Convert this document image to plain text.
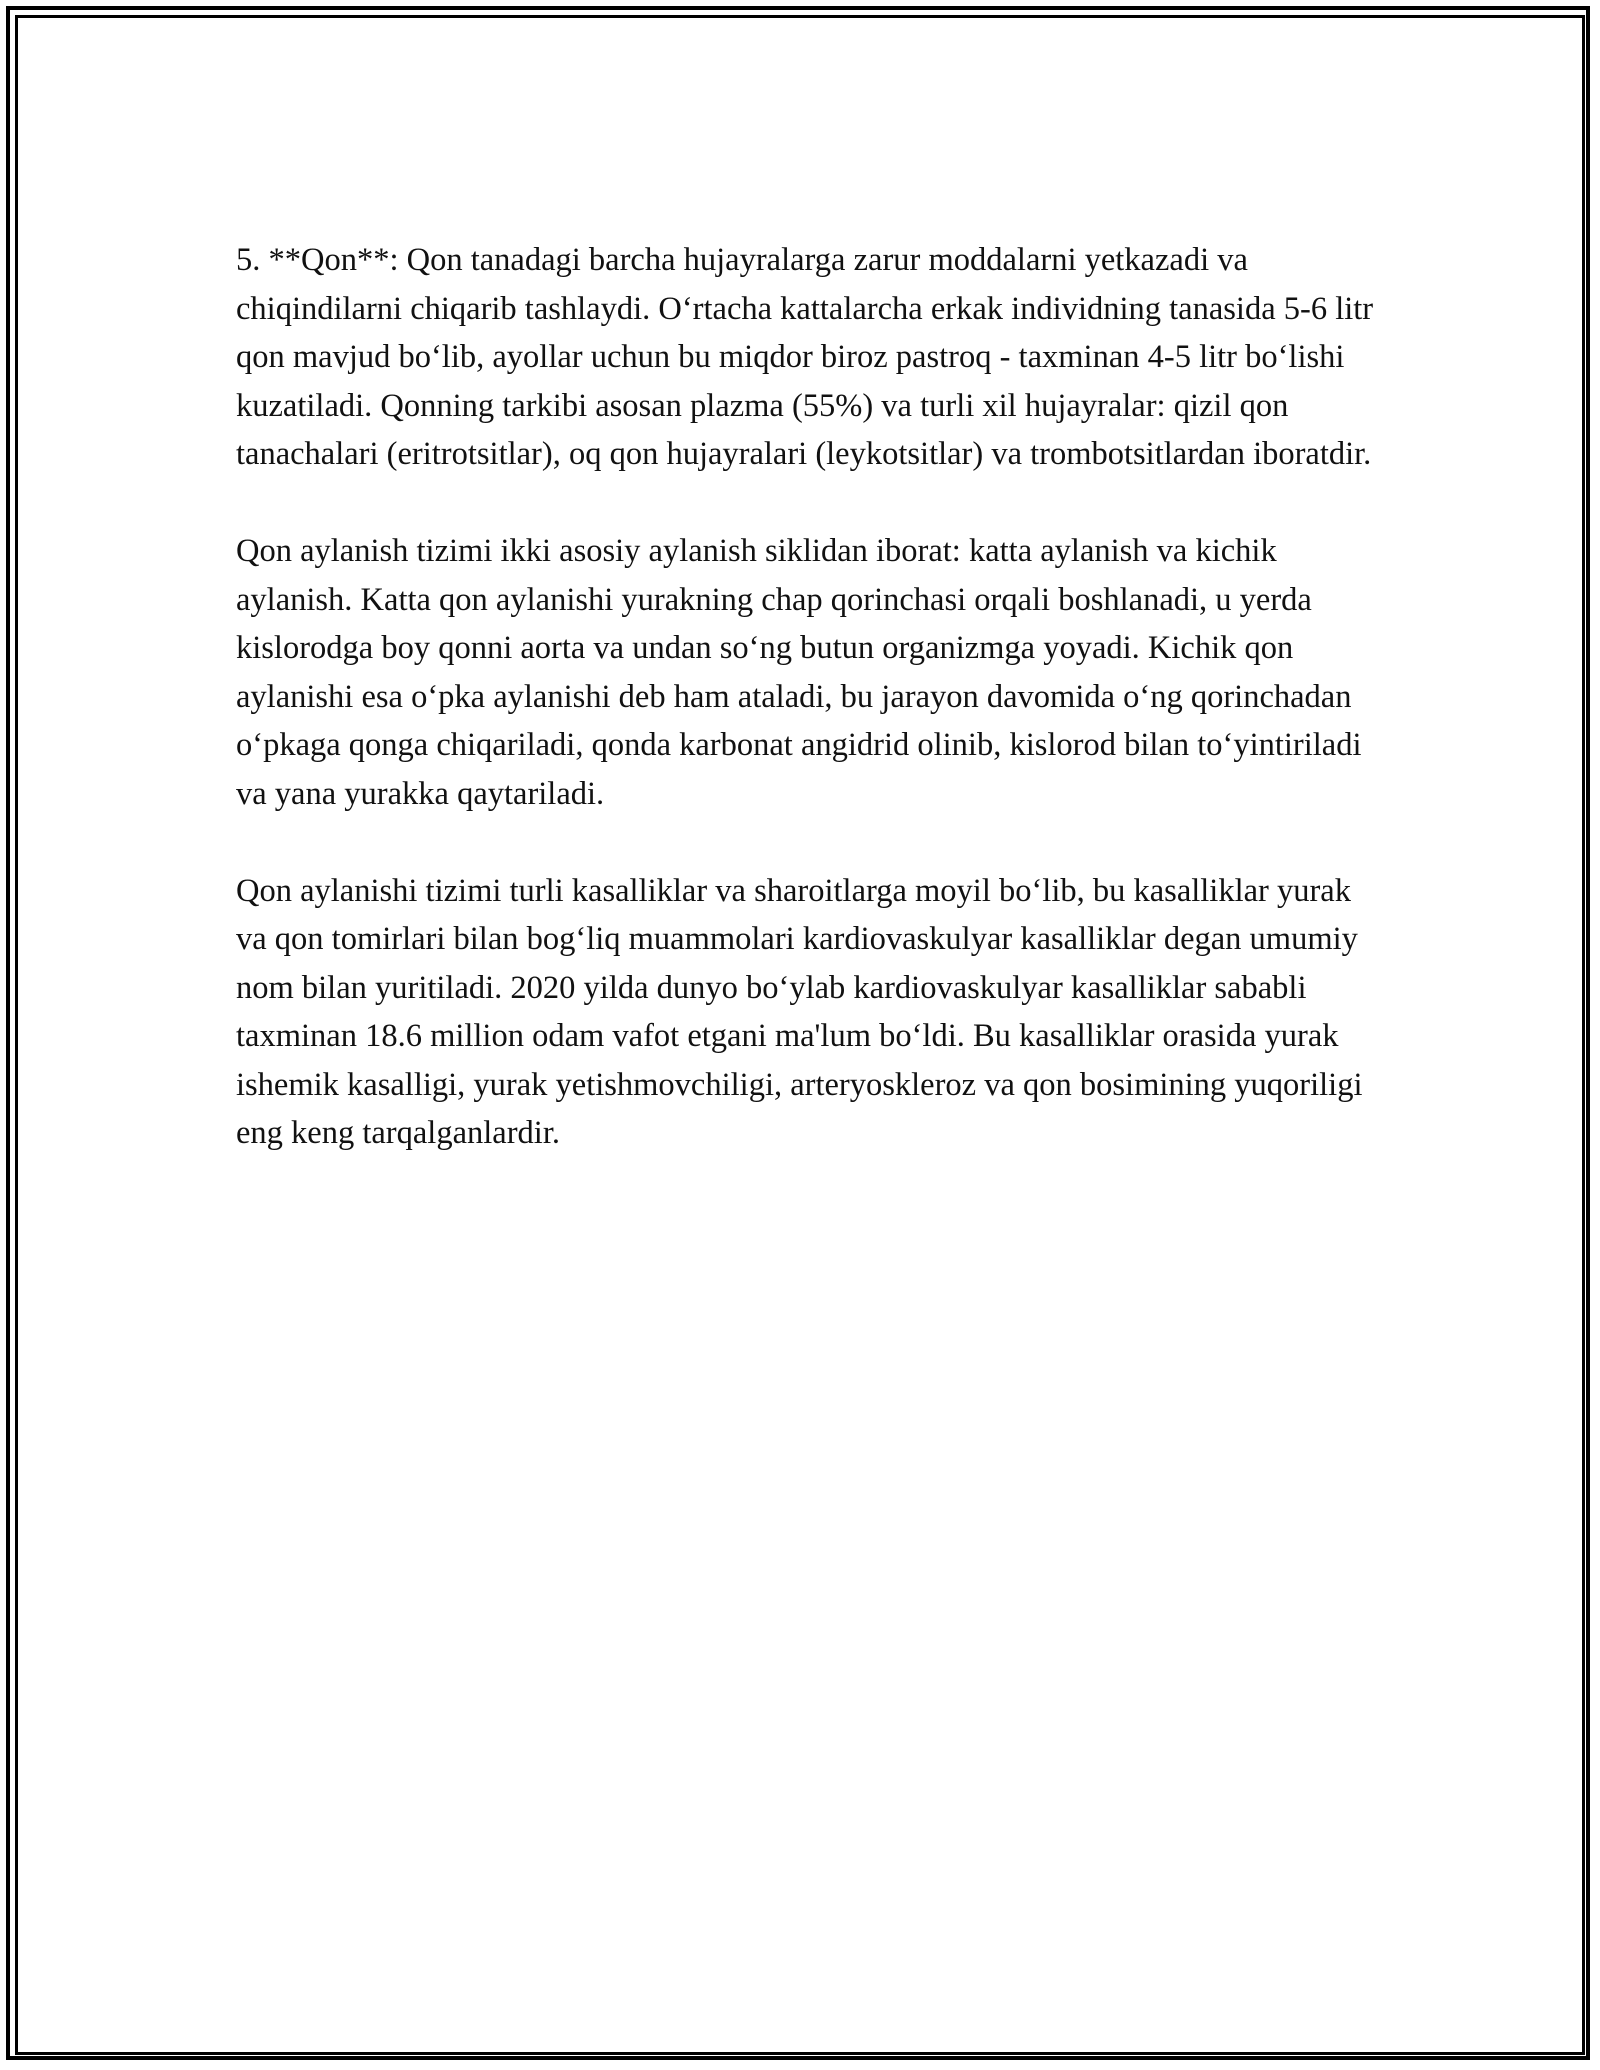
5. **Qon**: Qon tanadagi barcha hujayralarga zarur moddalarni yetkazadi va chiqindilarni chiqarib tashlaydi. O‘rtacha kattalarcha erkak individning tanasida 5-6 litr qon mavjud bo‘lib, ayollar uchun bu miqdor biroz pastroq - taxminan 4-5 litr bo‘lishi kuzatiladi. Qonning tarkibi asosan plazma (55%) va turli xil hujayralar: qizil qon tanachalari (eritrotsitlar), oq qon hujayralari (leykotsitlar) va trombotsitlardan iboratdir.

Qon aylanish tizimi ikki asosiy aylanish siklidan iborat: katta aylanish va kichik aylanish. Katta qon aylanishi yurakning chap qorinchasi orqali boshlanadi, u yerda kislorodga boy qonni aorta va undan so‘ng butun organizmga yoyadi. Kichik qon aylanishi esa o‘pka aylanishi deb ham ataladi, bu jarayon davomida o‘ng qorinchadan o‘pkaga qonga chiqariladi, qonda karbonat angidrid olinib, kislorod bilan to‘yintiriladi va yana yurakka qaytariladi.

Qon aylanishi tizimi turli kasalliklar va sharoitlarga moyil bo‘lib, bu kasalliklar yurak va qon tomirlari bilan bog‘liq muammolari kardiovaskulyar kasalliklar degan umumiy nom bilan yuritiladi. 2020 yilda dunyo bo‘ylab kardiovaskulyar kasalliklar sababli taxminan 18.6 million odam vafot etgani ma'lum bo‘ldi. Bu kasalliklar orasida yurak ishemik kasalligi, yurak yetishmovchiligi, arteryoskleroz va qon bosimining yuqoriligi eng keng tarqalganlardir.
